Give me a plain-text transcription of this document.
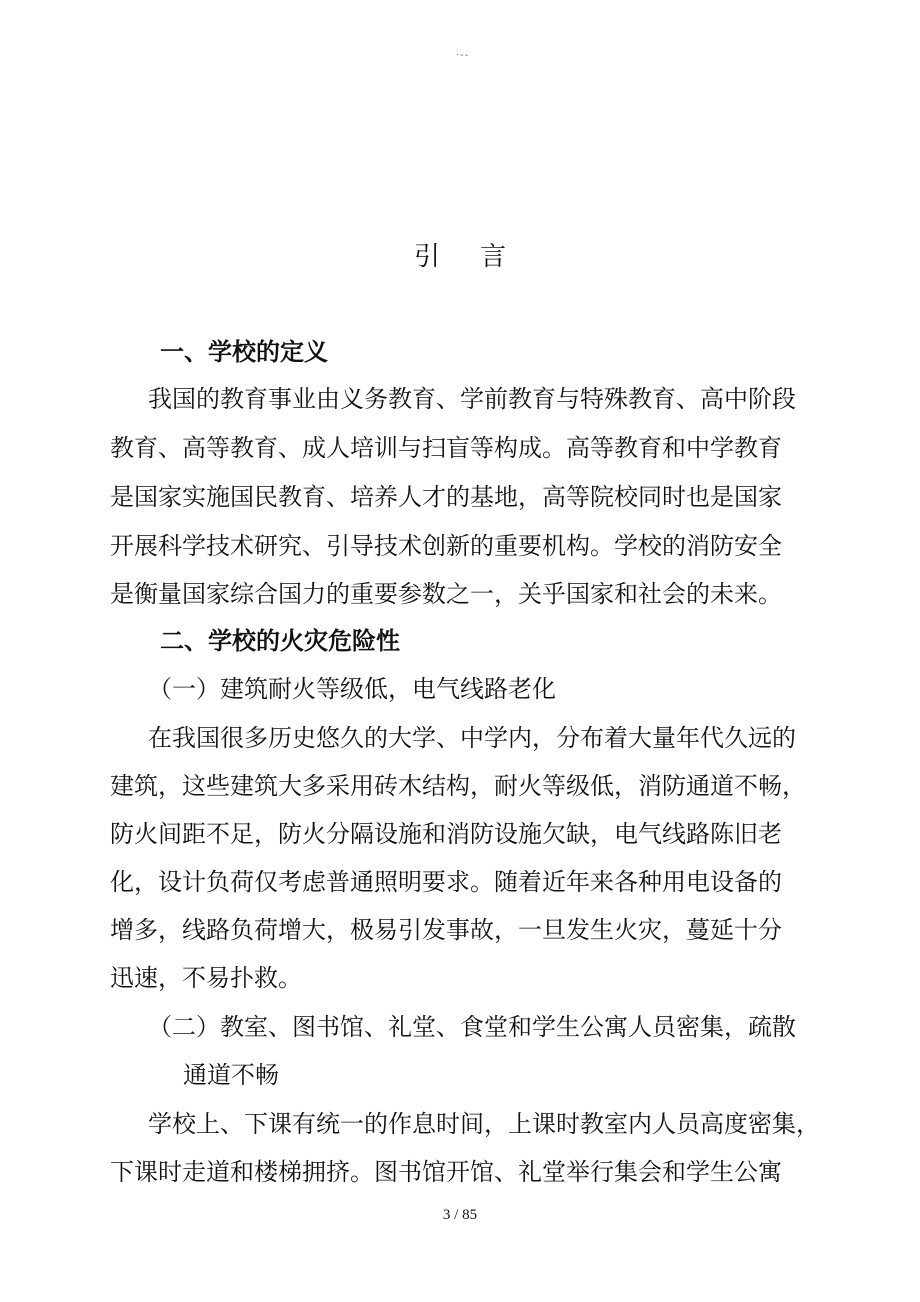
·--
引言
一、学校的定义
我国的教育事业由义务教育、学前教育与特殊教育、高中阶段
教育、高等教育、成人培训与扫盲等构成。高等教育和中学教育
是国家实施国民教育、培养人才的基地，高等院校同时也是国家
开展科学技术研究、引导技术创新的重要机构。学校的消防安全
是衡量国家综合国力的重要参数之一，关乎国家和社会的未来。
二、学校的火灾危险性
（一）建筑耐火等级低，电气线路老化
在我国很多历史悠久的大学、中学内，分布着大量年代久远的
建筑，这些建筑大多采用砖木结构，耐火等级低，消防通道不畅，
防火间距不足，防火分隔设施和消防设施欠缺，电气线路陈旧老
化，设计负荷仅考虑普通照明要求。随着近年来各种用电设备的
增多，线路负荷增大，极易引发事故，一旦发生火灾，蔓延十分
迅速，不易扑救。
（二）教室、图书馆、礼堂、食堂和学生公寓人员密集，疏散
通道不畅
学校上、下课有统一的作息时间，上课时教室内人员高度密集，
下课时走道和楼梯拥挤。图书馆开馆、礼堂举行集会和学生公寓
3 / 85
